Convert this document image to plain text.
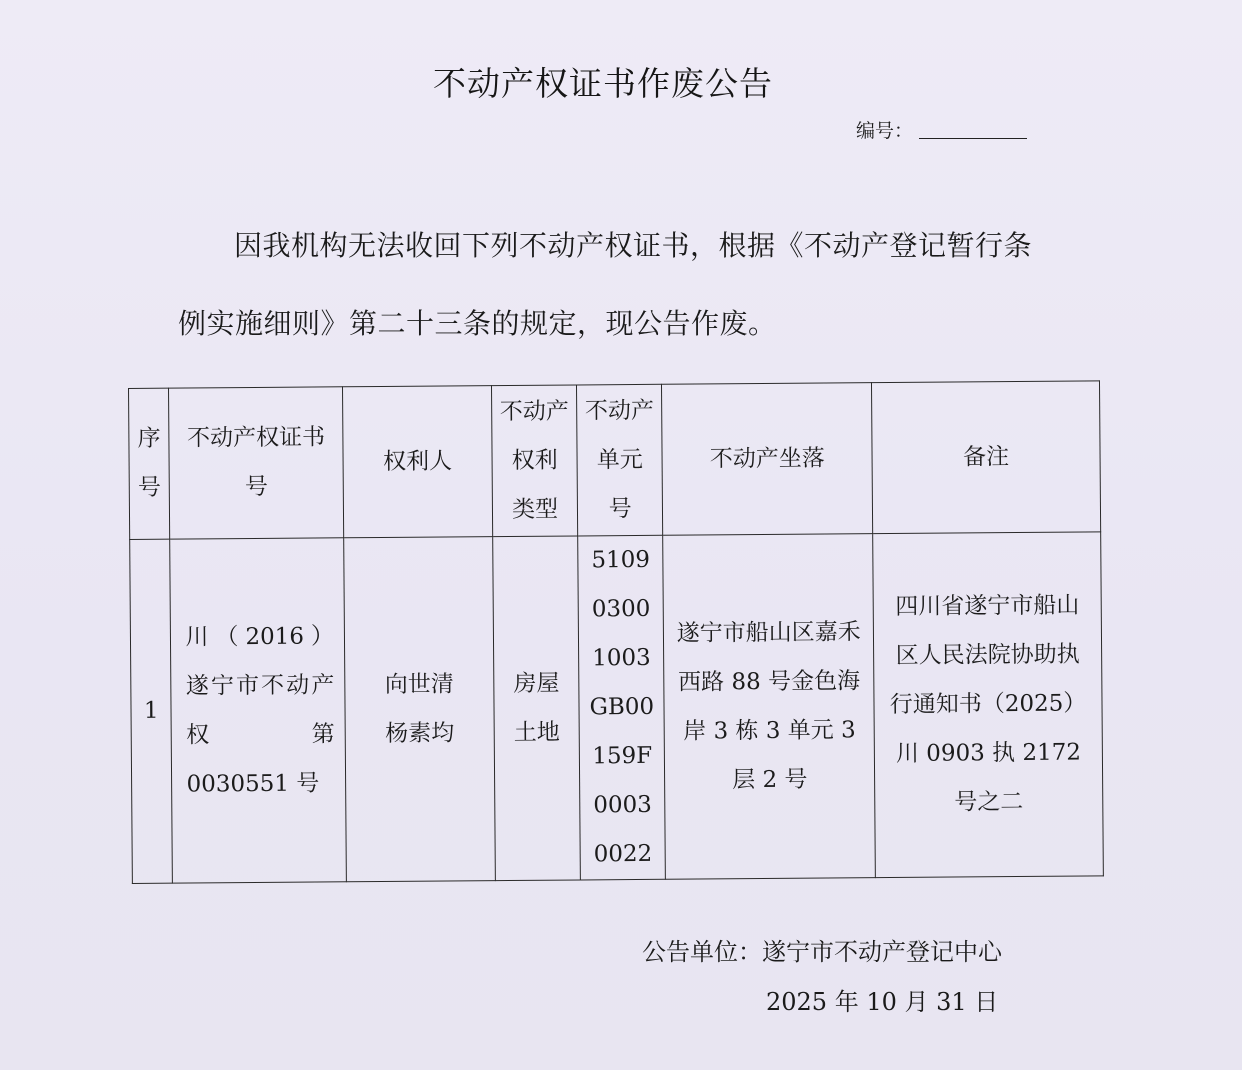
不动产权证书作废公告
编号：
因我机构无法收回下列不动产权证书，根据《不动产登记暂行条
例实施细则》第二十三条的规定，现公告作废。
序
号	不动产权证书
号	权利人	不动产
权利
类型	不动产
单元
号	不动产坐落	备注
1	川（2016）遂宁市不动产权第 0030551 号	向世清
杨素均	房屋
土地	510903001003GB00159F00030022	遂宁市船山区嘉禾西路 88 号金色海岸 3 栋 3 单元 3 层 2 号	四川省遂宁市船山区人民法院协助执行通知书（2025）川 0903 执 2172 号之二
公告单位：遂宁市不动产登记中心
2025 年 10 月 31 日
